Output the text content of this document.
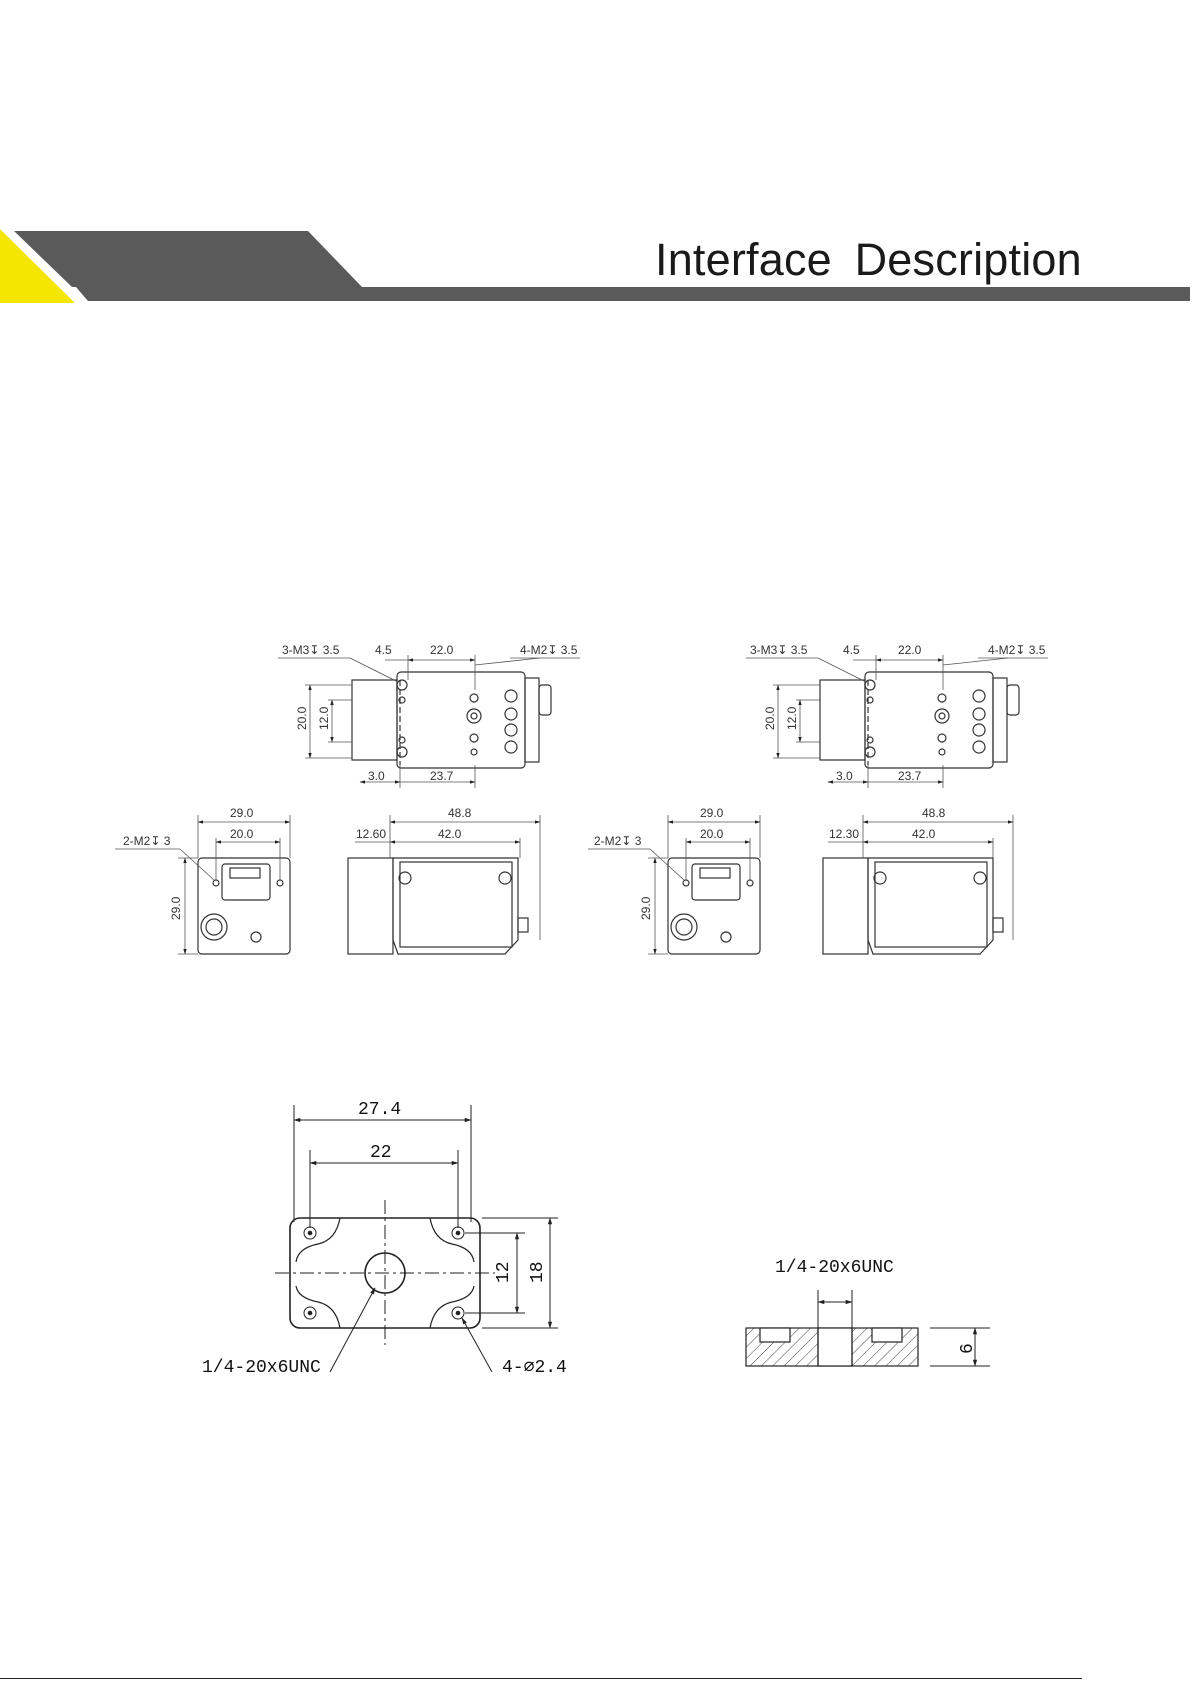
Interface Description
3-M3↧ 3.5	4.5	22.0	4-M2↧ 3.5
20.0 12.0
3.0	23.7
2-M2↧ 3
29.0
20.0
29.0
48.8
12.60	42.0
3-M3↧ 3.5	4.5	22.0	4-M2↧ 3.5
20.0 12.0
3.0	23.7
2-M2↧ 3
29.0
20.0
29.0
48.8
12.30	42.0
27.4
22
12 18
1/4-20x6UNC	4-∅2.4
1/4-20x6UNC
6
